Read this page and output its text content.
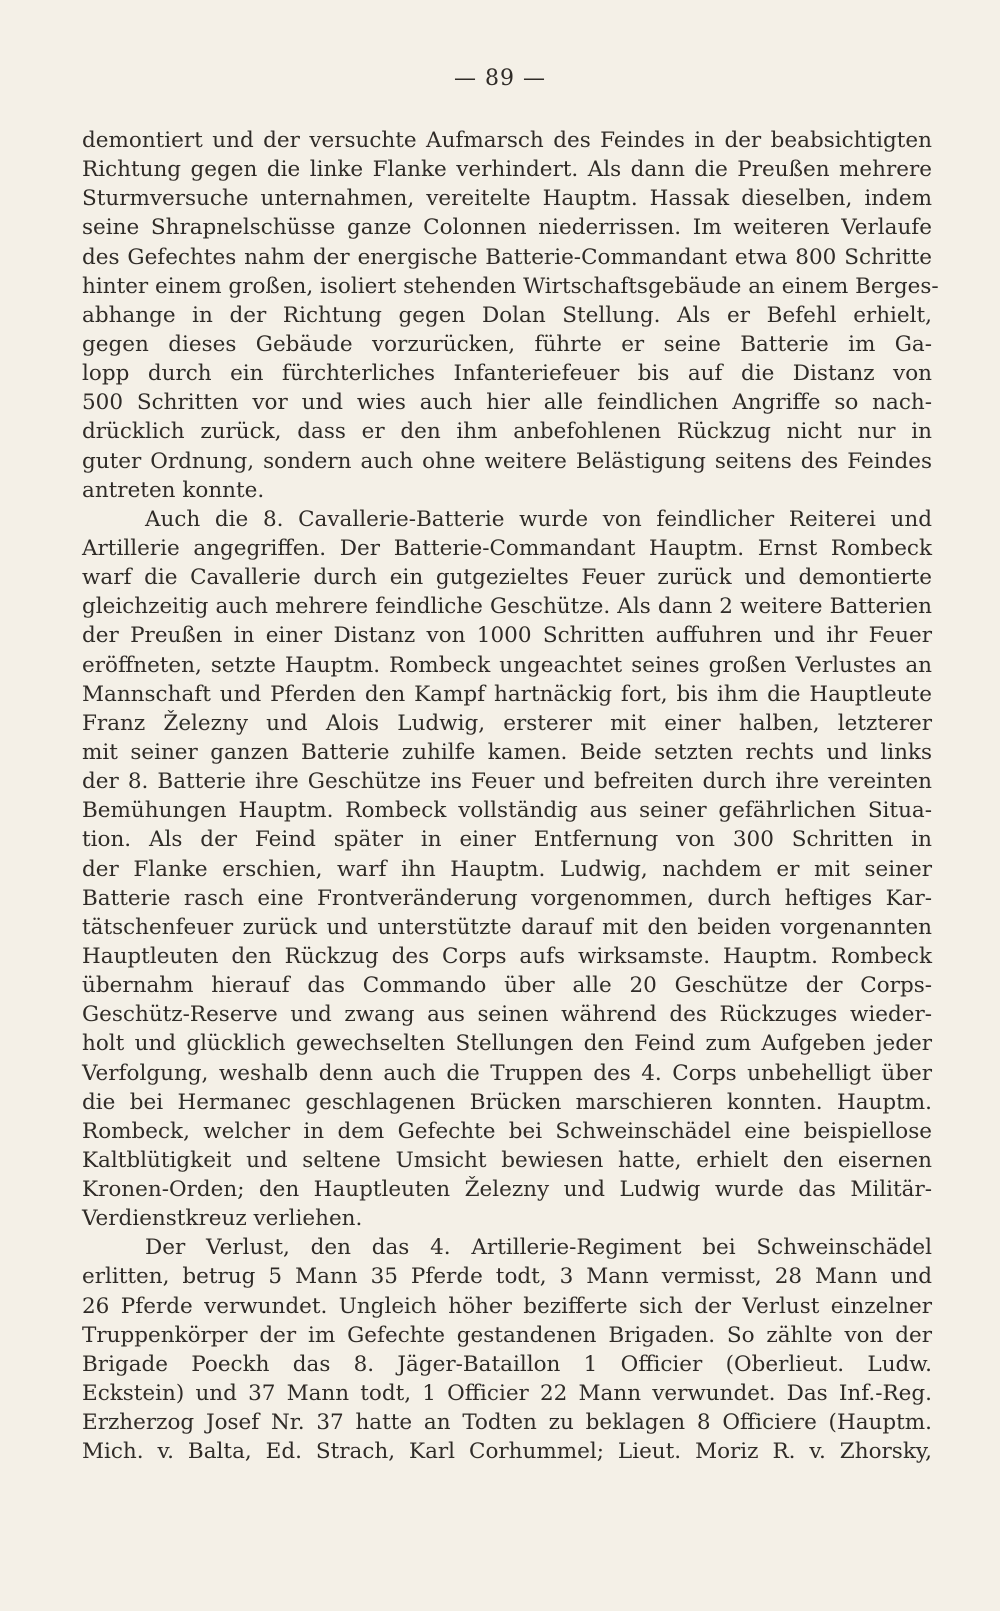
— 89 —
demontiert und der versuchte Aufmarsch des Feindes in der beabsichtigten
Richtung gegen die linke Flanke verhindert. Als dann die Preußen mehrere
Sturmversuche unternahmen, vereitelte Hauptm. Hassak dieselben, indem
seine Shrapnelschüsse ganze Colonnen niederrissen. Im weiteren Verlaufe
des Gefechtes nahm der energische Batterie-Commandant etwa 800 Schritte
hinter einem großen, isoliert stehenden Wirtschaftsgebäude an einem Berges-
abhange in der Richtung gegen Dolan Stellung. Als er Befehl erhielt,
gegen dieses Gebäude vorzurücken, führte er seine Batterie im Ga-
lopp durch ein fürchterliches Infanteriefeuer bis auf die Distanz von
500 Schritten vor und wies auch hier alle feindlichen Angriffe so nach-
drücklich zurück, dass er den ihm anbefohlenen Rückzug nicht nur in
guter Ordnung, sondern auch ohne weitere Belästigung seitens des Feindes
antreten konnte.
Auch die 8. Cavallerie-Batterie wurde von feindlicher Reiterei und
Artillerie angegriffen. Der Batterie-Commandant Hauptm. Ernst Rombeck
warf die Cavallerie durch ein gutgezieltes Feuer zurück und demontierte
gleichzeitig auch mehrere feindliche Geschütze. Als dann 2 weitere Batterien
der Preußen in einer Distanz von 1000 Schritten auffuhren und ihr Feuer
eröffneten, setzte Hauptm. Rombeck ungeachtet seines großen Verlustes an
Mannschaft und Pferden den Kampf hartnäckig fort, bis ihm die Hauptleute
Franz Železny und Alois Ludwig, ersterer mit einer halben, letzterer
mit seiner ganzen Batterie zuhilfe kamen. Beide setzten rechts und links
der 8. Batterie ihre Geschütze ins Feuer und befreiten durch ihre vereinten
Bemühungen Hauptm. Rombeck vollständig aus seiner gefährlichen Situa-
tion. Als der Feind später in einer Entfernung von 300 Schritten in
der Flanke erschien, warf ihn Hauptm. Ludwig, nachdem er mit seiner
Batterie rasch eine Frontveränderung vorgenommen, durch heftiges Kar-
tätschenfeuer zurück und unterstützte darauf mit den beiden vorgenannten
Hauptleuten den Rückzug des Corps aufs wirksamste. Hauptm. Rombeck
übernahm hierauf das Commando über alle 20 Geschütze der Corps-
Geschütz-Reserve und zwang aus seinen während des Rückzuges wieder-
holt und glücklich gewechselten Stellungen den Feind zum Aufgeben jeder
Verfolgung, weshalb denn auch die Truppen des 4. Corps unbehelligt über
die bei Hermanec geschlagenen Brücken marschieren konnten. Hauptm.
Rombeck, welcher in dem Gefechte bei Schweinschädel eine beispiellose
Kaltblütigkeit und seltene Umsicht bewiesen hatte, erhielt den eisernen
Kronen-Orden; den Hauptleuten Železny und Ludwig wurde das Militär-
Verdienstkreuz verliehen.
Der Verlust, den das 4. Artillerie-Regiment bei Schweinschädel
erlitten, betrug 5 Mann 35 Pferde todt, 3 Mann vermisst, 28 Mann und
26 Pferde verwundet. Ungleich höher bezifferte sich der Verlust einzelner
Truppenkörper der im Gefechte gestandenen Brigaden. So zählte von der
Brigade Poeckh das 8. Jäger-Bataillon 1 Officier (Oberlieut. Ludw.
Eckstein) und 37 Mann todt, 1 Officier 22 Mann verwundet. Das Inf.-Reg.
Erzherzog Josef Nr. 37 hatte an Todten zu beklagen 8 Officiere (Hauptm.
Mich. v. Balta, Ed. Strach, Karl Corhummel; Lieut. Moriz R. v. Zhorsky,
